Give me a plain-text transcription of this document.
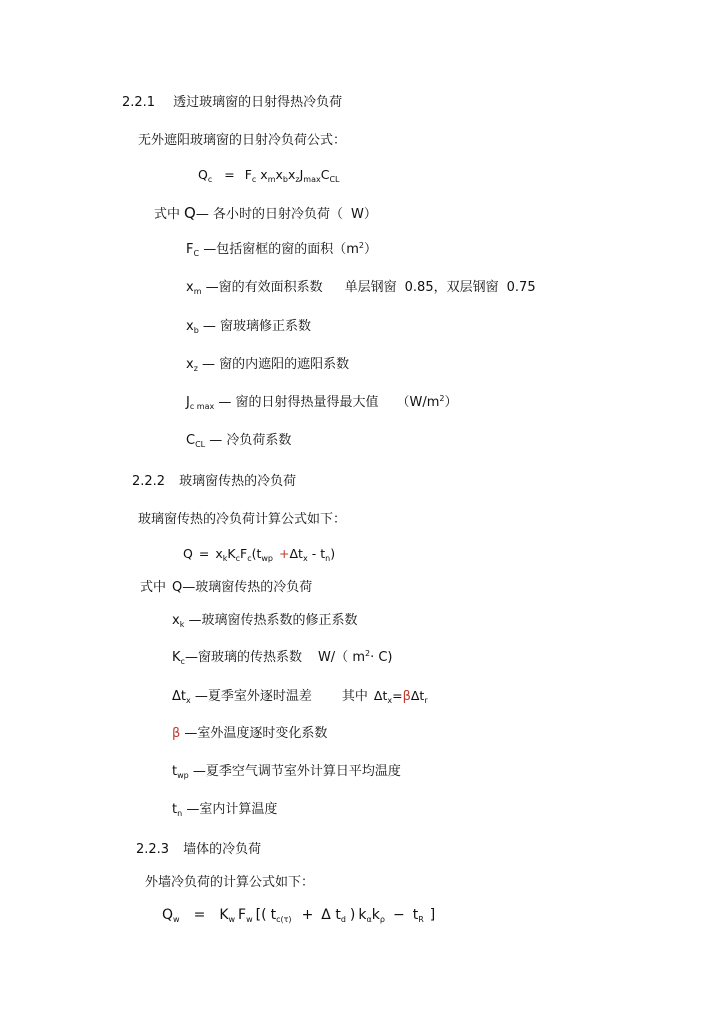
2.2.1 透过玻璃窗的日射得热冷负荷
无外遮阳玻璃窗的日射冷负荷公式：
$Q_c = F_c$ $x_mx_bx_zJ_{max}C_{CL}$
式中 Q— 各小时的日射冷负荷（ W）
$F_C$ —包括窗框的窗的面积$(m^2)$
$x_m$ —窗的有效面积系数 单层钢窗 0.85，双层钢窗 0.75
$x_b$ — 窗玻璃修正系数
$x_z$ — 窗的内遮阳的遮阳系数
$J_{c max}$ — 窗的日射得热量得最大值 $(W/m^2)$
$C_{CL}$ — 冷负荷系数
2.2.2 玻璃窗传热的冷负荷
玻璃窗传热的冷负荷计算公式如下：
$Q = x_kK_cF_c(t_{wp} +\Delta t_x - t_n)$
式中 Q—玻璃窗传热的冷负荷
$x_k$ —玻璃窗传热系数的修正系数
$K_c—$窗玻璃的传热系数 W/（ $m^2\cdot C$)
$\Delta t_x$ —夏季室外逐时温差 其中 $\Delta t_x=\beta\Delta t_r$
β —室外温度逐时变化系数
$t_{wp}$ —夏季空气调节室外计算日平均温度
$t_n$ —室内计算温度
2.2.3 墙体的冷负荷
外墙冷负荷的计算公式如下：
$Q_w = K_w$ $F_w$ [( $t_{c(\tau)} + \Delta$ $t_d$ ) $k_\alpha k_\rho - t_R$ ]
